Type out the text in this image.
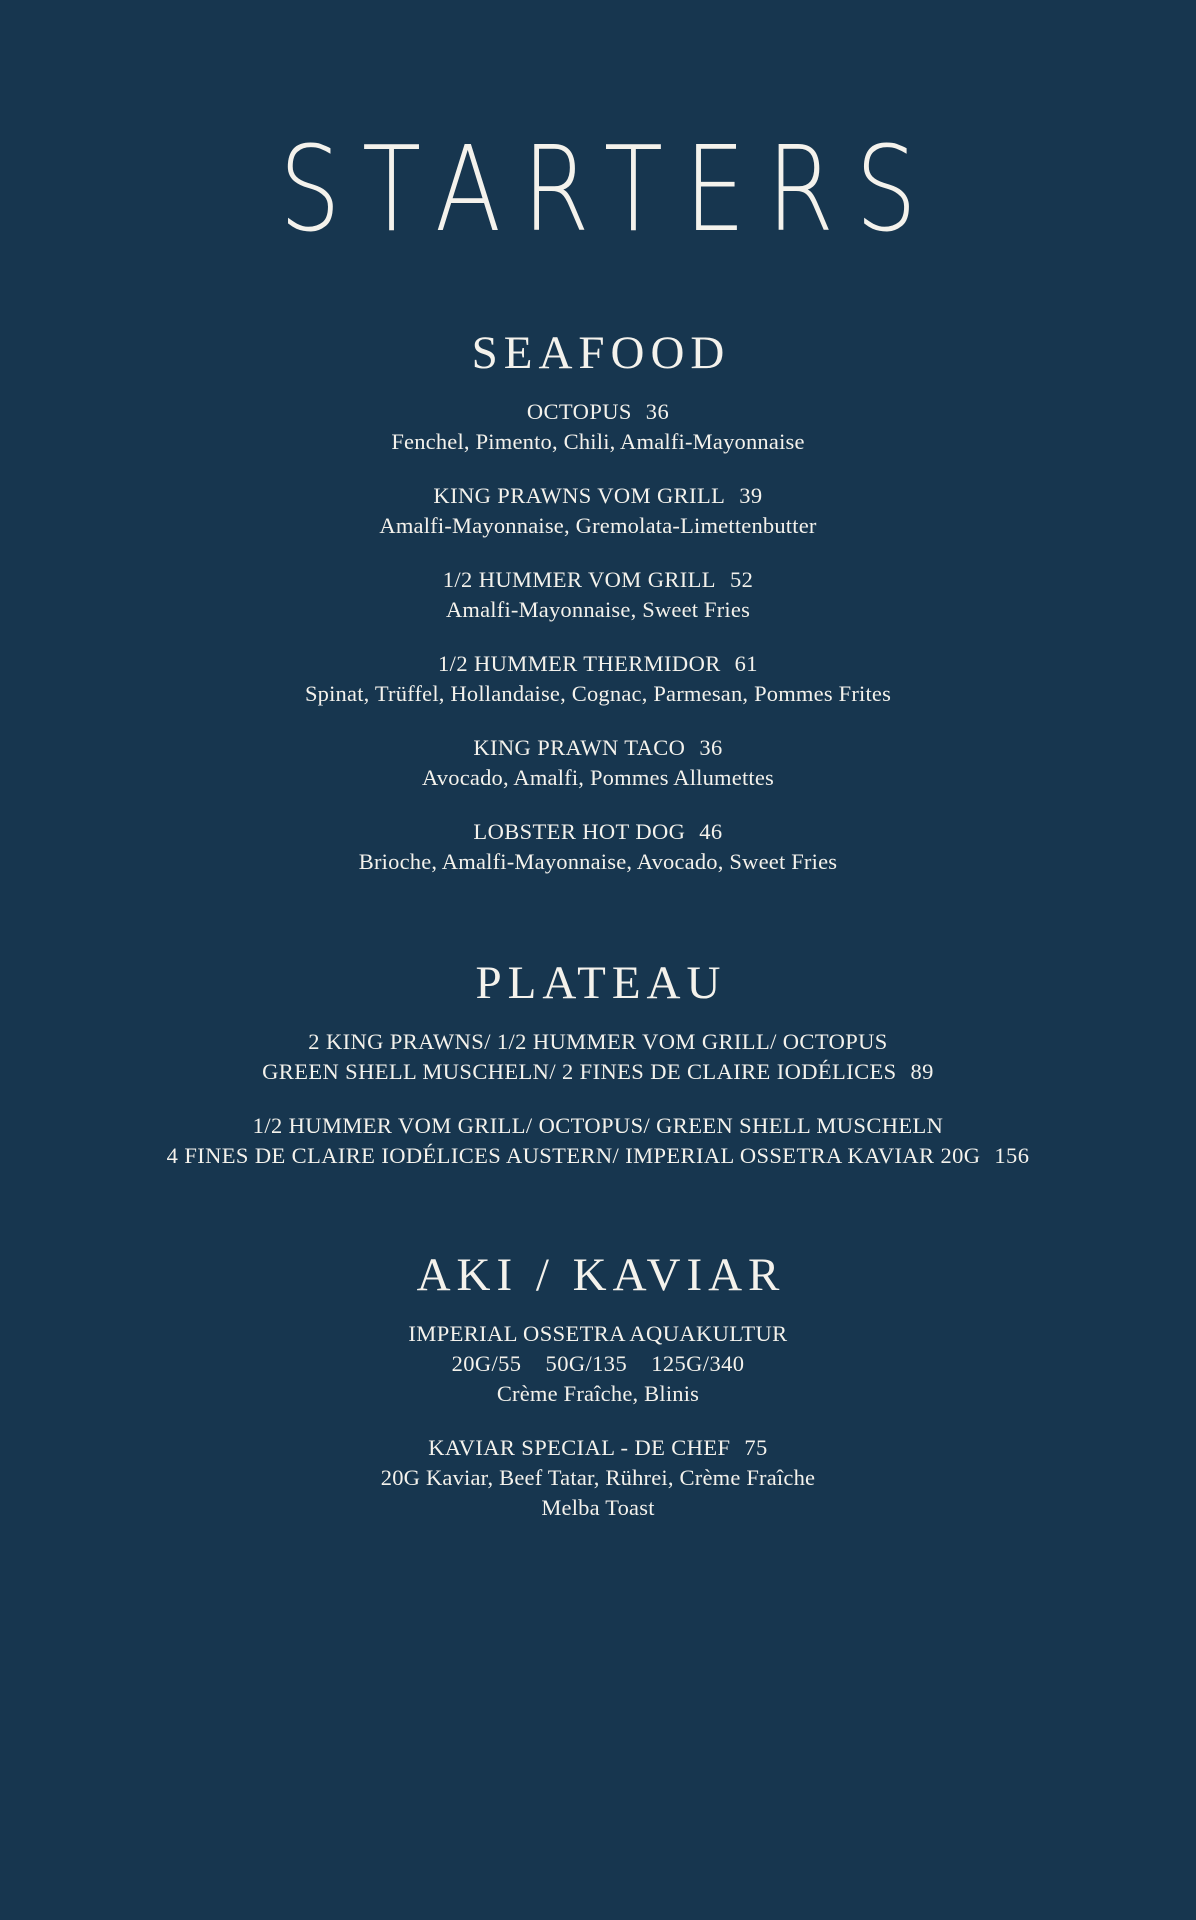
STARTERS
SEAFOOD
OCTOPUS 36
Fenchel, Pimento, Chili, Amalfi-Mayonnaise
KING PRAWNS VOM GRILL 39
Amalfi-Mayonnaise, Gremolata-Limettenbutter
1/2 HUMMER VOM GRILL 52
Amalfi-Mayonnaise, Sweet Fries
1/2 HUMMER THERMIDOR 61
Spinat, Trüffel, Hollandaise, Cognac, Parmesan, Pommes Frites
KING PRAWN TACO 36
Avocado, Amalfi, Pommes Allumettes
LOBSTER HOT DOG 46
Brioche, Amalfi-Mayonnaise, Avocado, Sweet Fries
PLATEAU
2 KING PRAWNS/ 1/2 HUMMER VOM GRILL/ OCTOPUS
GREEN SHELL MUSCHELN/ 2 FINES DE CLAIRE IODÉLICES 89
1/2 HUMMER VOM GRILL/ OCTOPUS/ GREEN SHELL MUSCHELN
4 FINES DE CLAIRE IODÉLICES AUSTERN/ IMPERIAL OSSETRA KAVIAR 20G 156
AKI / KAVIAR
IMPERIAL OSSETRA AQUAKULTUR
20G/55    50G/135    125G/340
Crème Fraîche, Blinis
KAVIAR SPECIAL - DE CHEF 75
20G Kaviar, Beef Tatar, Rührei, Crème Fraîche
Melba Toast
